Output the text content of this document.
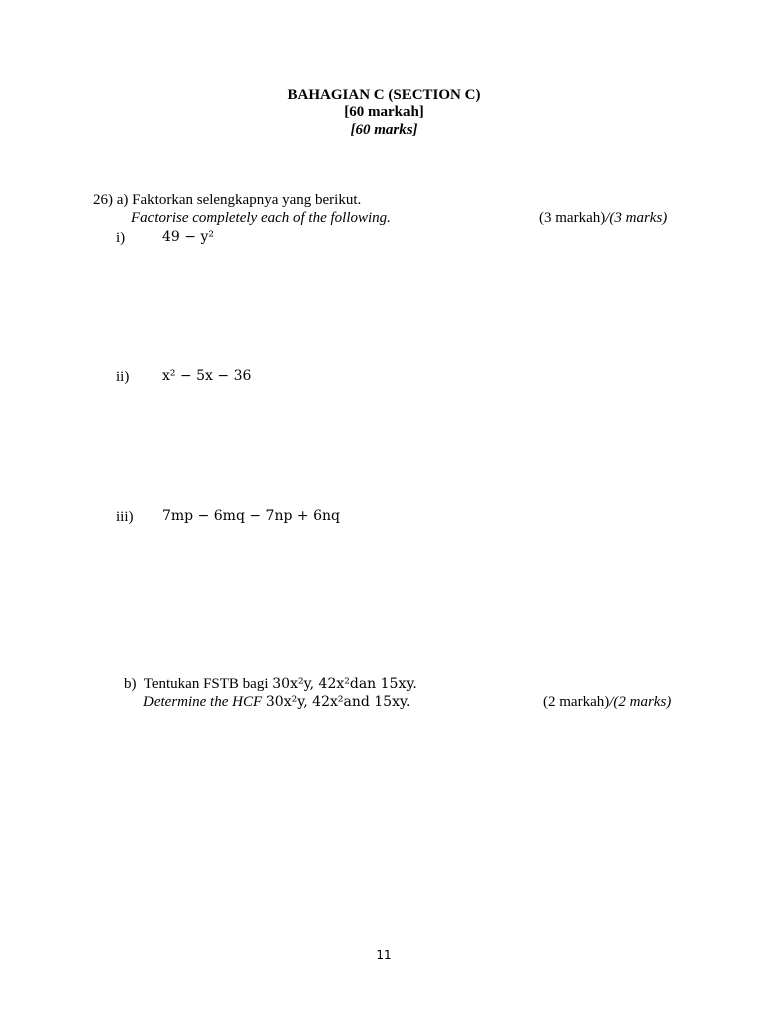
BAHAGIAN C (SECTION C)
[60 markah]
[60 marks]
26) a) Faktorkan selengkapnya yang berikut.
Factorise completely each of the following.	(3 markah)/(3 marks)
i)	49 − y²
ii) x² − 5x − 36
iii) 7mp − 6mq − 7np + 6nq
b) Tentukan FSTB bagi 30x²y, 42x²dan 15xy.
Determine the HCF 30x²y, 42x²and 15xy.	(2 markah)/(2 marks)
11
